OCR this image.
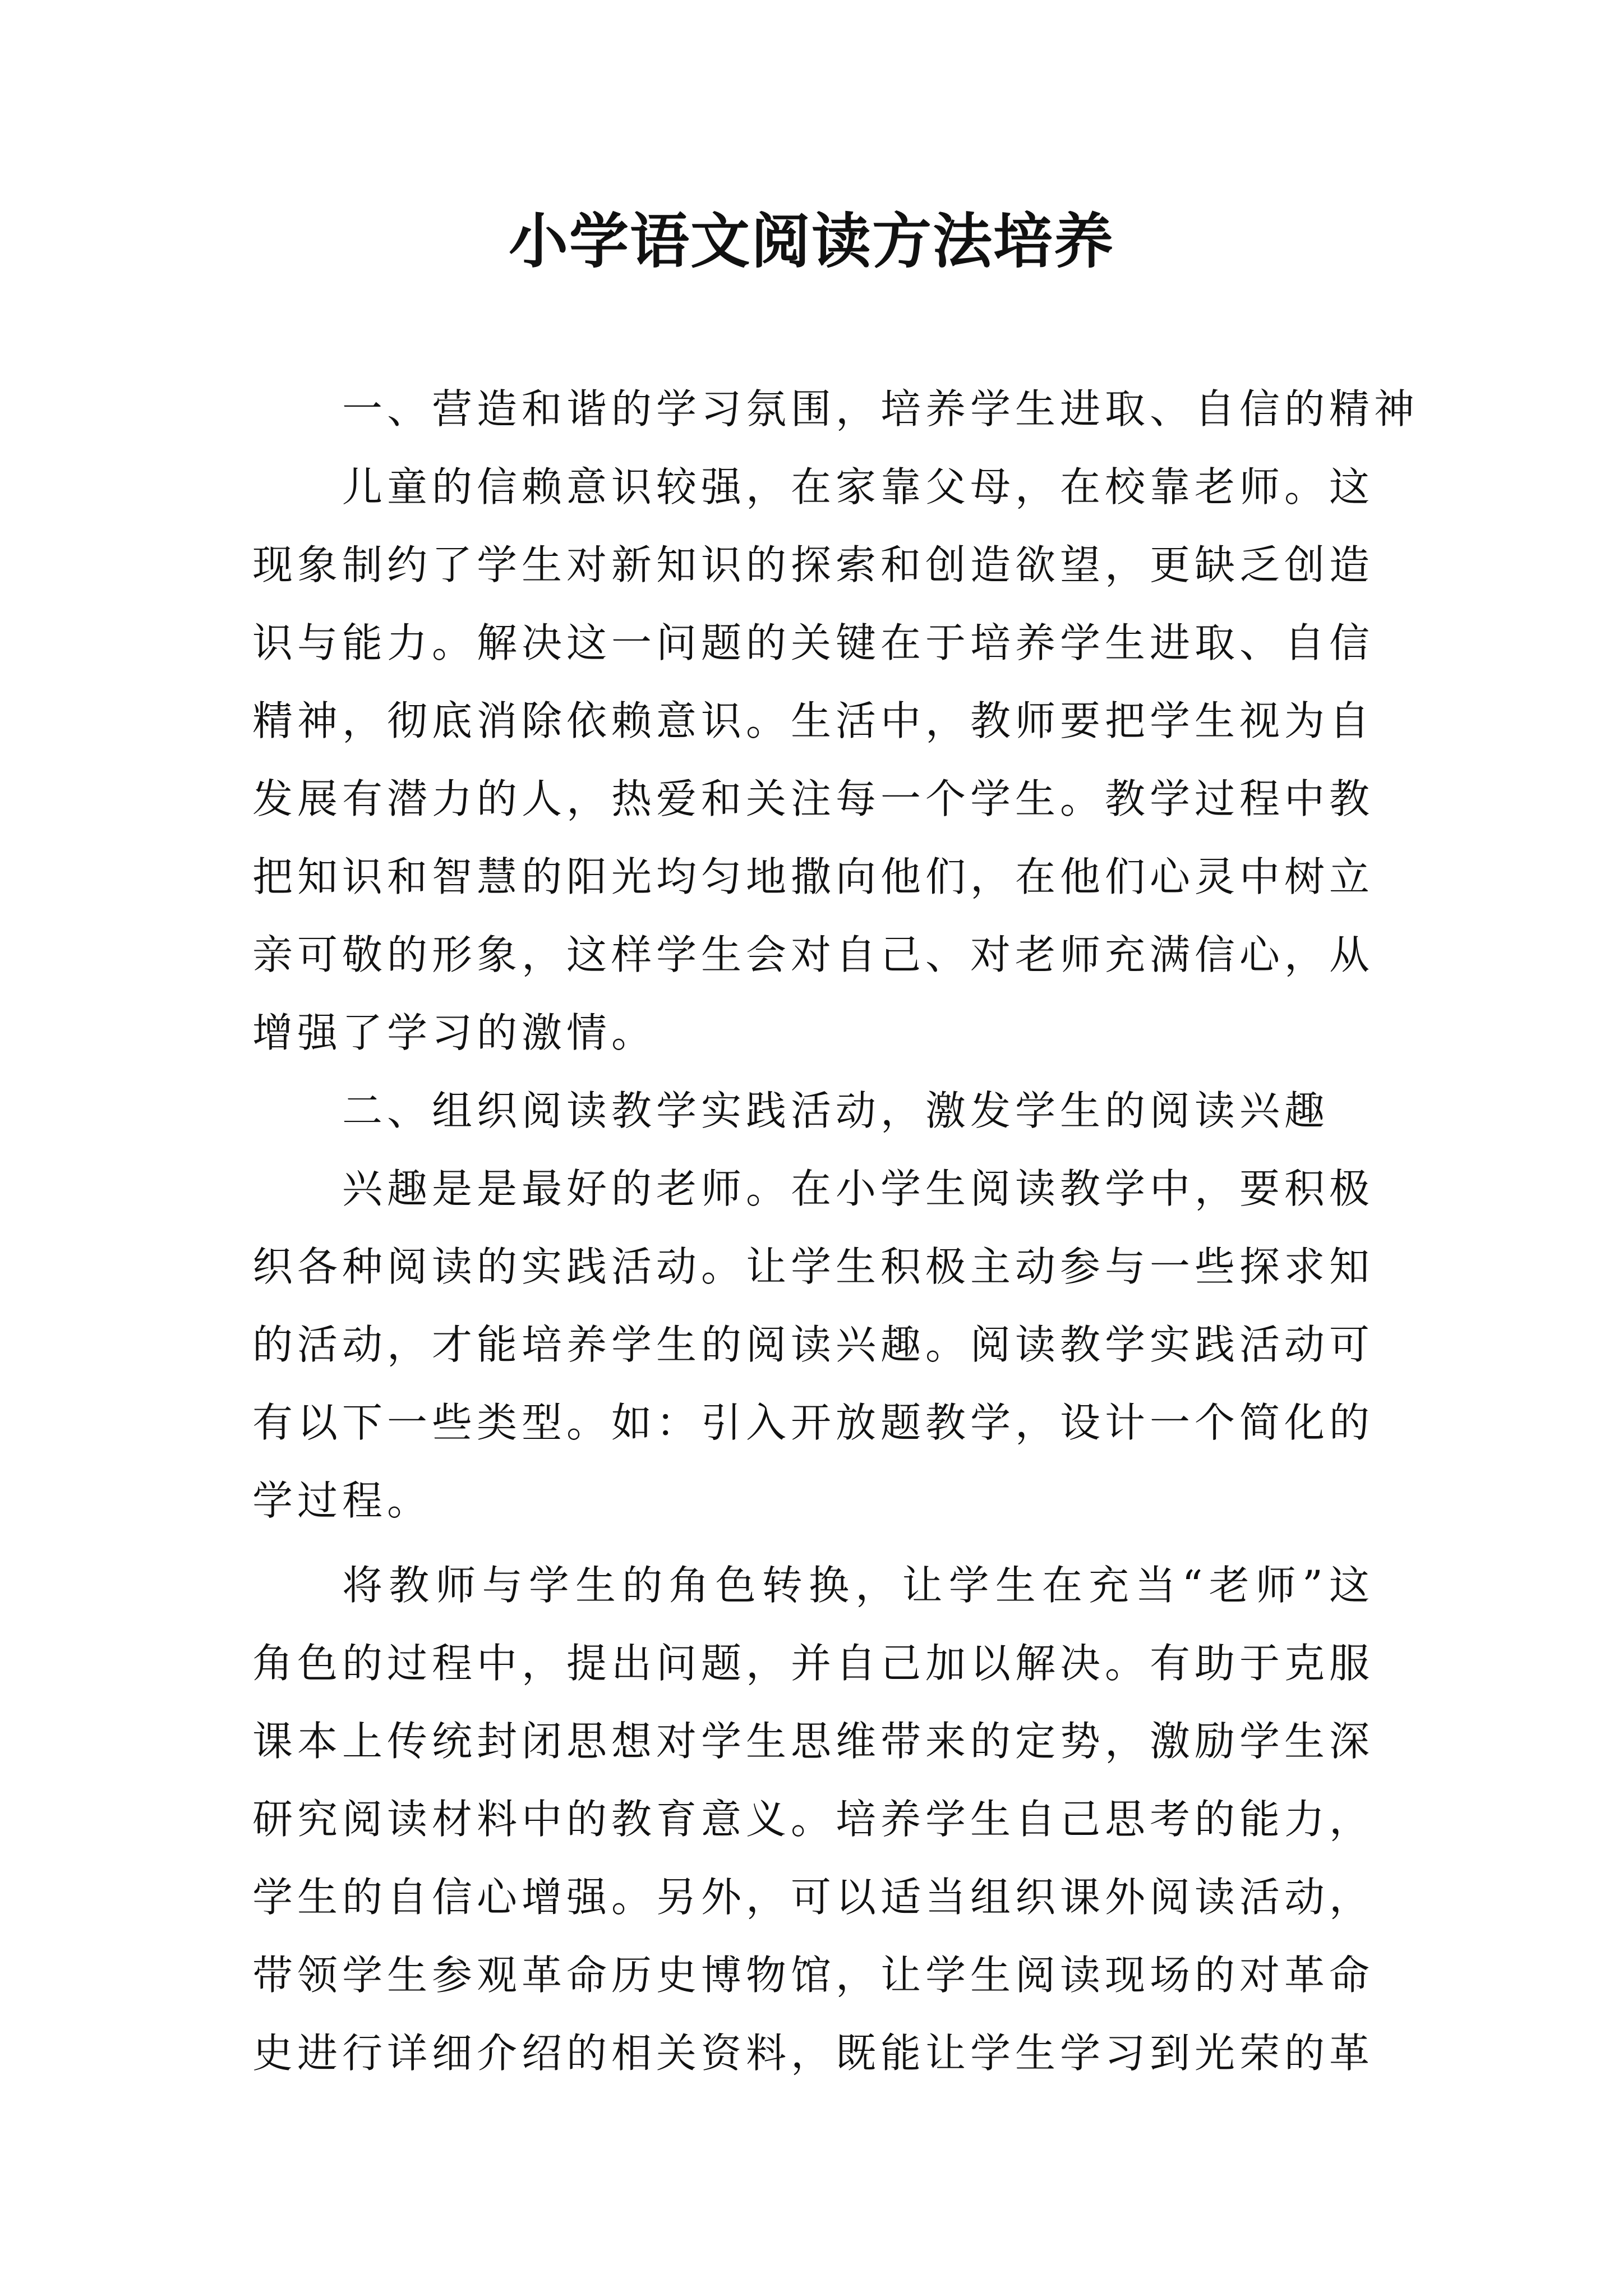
小学语文阅读方法培养
一、营造和谐的学习氛围，培养学生进取、自信的精神
儿童的信赖意识较强，在家靠父母，在校靠老师。这
现象制约了学生对新知识的探索和创造欲望，更缺乏创造
识与能力。解决这一问题的关键在于培养学生进取、自信
精神，彻底消除依赖意识。生活中，教师要把学生视为自
发展有潜力的人，热爱和关注每一个学生。教学过程中教
把知识和智慧的阳光均匀地撒向他们，在他们心灵中树立
亲可敬的形象，这样学生会对自己、对老师充满信心，从
增强了学习的激情。
二、组织阅读教学实践活动，激发学生的阅读兴趣
兴趣是是最好的老师。在小学生阅读教学中，要积极
织各种阅读的实践活动。让学生积极主动参与一些探求知
的活动，才能培养学生的阅读兴趣。阅读教学实践活动可
有以下一些类型。如：引入开放题教学，设计一个简化的
学过程。
将教师与学生的角色转换，让学生在充当“老师”这
角色的过程中，提出问题，并自己加以解决。有助于克服
课本上传统封闭思想对学生思维带来的定势，激励学生深
研究阅读材料中的教育意义。培养学生自己思考的能力，
学生的自信心增强。另外，可以适当组织课外阅读活动，
带领学生参观革命历史博物馆，让学生阅读现场的对革命
史进行详细介绍的相关资料，既能让学生学习到光荣的革
